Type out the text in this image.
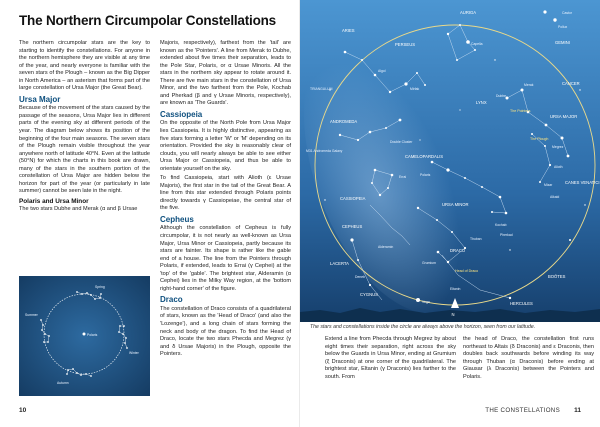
The Northern Circumpolar Constellations

The northern circumpolar stars are the key to starting to identify the constellations. For anyone in the northern hemisphere they are visible at any time of the year, and nearly everyone is familiar with the seven stars of the Plough – known as the Big Dipper in North America – an asterism that forms part of the large constellation of Ursa Major (the Great Bear).

Ursa Major

Because of the movement of the stars caused by the passage of the seasons, Ursa Major lies in different parts of the evening sky at different periods of the year. The diagram below shows its position of the beginning of the four main seasons. The seven stars of the Plough remain visible throughout the year anywhere north of latitude 40°N. Even at the latitude (50°N) for which the charts in this book are drawn, many of the stars in the southern portion of the constellation of Ursa Major are hidden below the horizon for part of the year (or particularly in late summer) cannot be seen late in the night.

Polaris and Ursa Minor

The two stars Dubhe and Merak (α and β Ursae

Majoris, respectively), farthest from the 'tail' are known as the 'Pointers'. A line from Merak to Dubhe, extended about five times their separation, leads to the Pole Star, Polaris, or α Ursae Minoris. All the stars in the northern sky appear to rotate around it. There are five main stars in the constellation of Ursa Minor, and the two farthest from the Pole, Kochab and Pherkad (β and γ Ursae Minoris, respectively), are known as 'The Guards'.

Cassiopeia

On the opposite of the North Pole from Ursa Major lies Cassiopeia. It is highly distinctive, appearing as five stars forming a letter 'W' or 'M' depending on its orientation. Provided the sky is reasonably clear of clouds, you will nearly always be able to see either Ursa Major or Cassiopeia, and thus be able to orientate yourself on the sky.

To find Cassiopeia, start with Alioth (ε Ursae Majoris), the first star in the tail of the Great Bear. A line from this star extended through Polaris points directly towards γ Cassiopeiae, the central star of the five.

Cepheus

Although the constellation of Cepheus is fully circumpolar, it is not nearly as well-known as Ursa Major, Ursa Minor or Cassiopeia, partly because its stars are fainter. Its shape is rather like the gable end of a house. The line from the Pointers through Polaris, if extended, leads to Errai (γ Cephei) at the 'top' of the 'gable'. The brightest star, Alderamin (α Cephei) lies in the Milky Way region, at the 'bottom right-hand corner' of the figure.

Draco

The constellation of Draco consists of a quadrilateral of stars, known as the 'Head of Draco' (and also the 'Lozenge'), and a long chain of stars forming the neck and body of the dragon. To find the Head of Draco, locate the two stars Phecda and Megrez (γ and δ Ursae Majoris) in the Plough, opposite the Pointers.

Polaris
Spring
Summer
Winter
Autumn
10
AURIGA
Capella
Castor
Pollux
ARIES
PERSEUS
Algol
Mirfak
GEMINI
CANCER
LYNX
TRIANGULUM
ANDROMEDA
Double Cluster
M31 Andromeda Galaxy
CAMELOPARDALIS
CASSIOPEIA
Errai	Polaris
CEPHEUS
URSA MINOR
Kochab
Pherkad
Alderamin
LACERTA
Thuban
DRACO
Deneb
CYGNUS
Grumium
Head of Draco
Eltanin
Vega	HERCULES
URSA MAJOR
Dubhe
Merak
The Pointers
The Plough
Megrez
Alioth
Mizar
Alkaid
CANES VENATICI
BOÖTES
N
The stars and constellations inside the circle are always above the horizon, seen from our latitude.

Extend a line from Phecda through Megrez by about eight times their separation, right across the sky below the Guards in Ursa Minor, ending at Grumium (ξ Draconis) at one corner of the quadrilateral. The brightest star, Eltanin (γ Draconis) lies farther to the south. From

the head of Draco, the constellation first runs northeast to Altais (δ Draconis) and ε Draconis, then doubles back southwards before winding its way through Thuban (α Draconis) before ending at Giausar (λ Draconis) between the Pointers and Polaris.

THE CONSTELLATIONS 11
